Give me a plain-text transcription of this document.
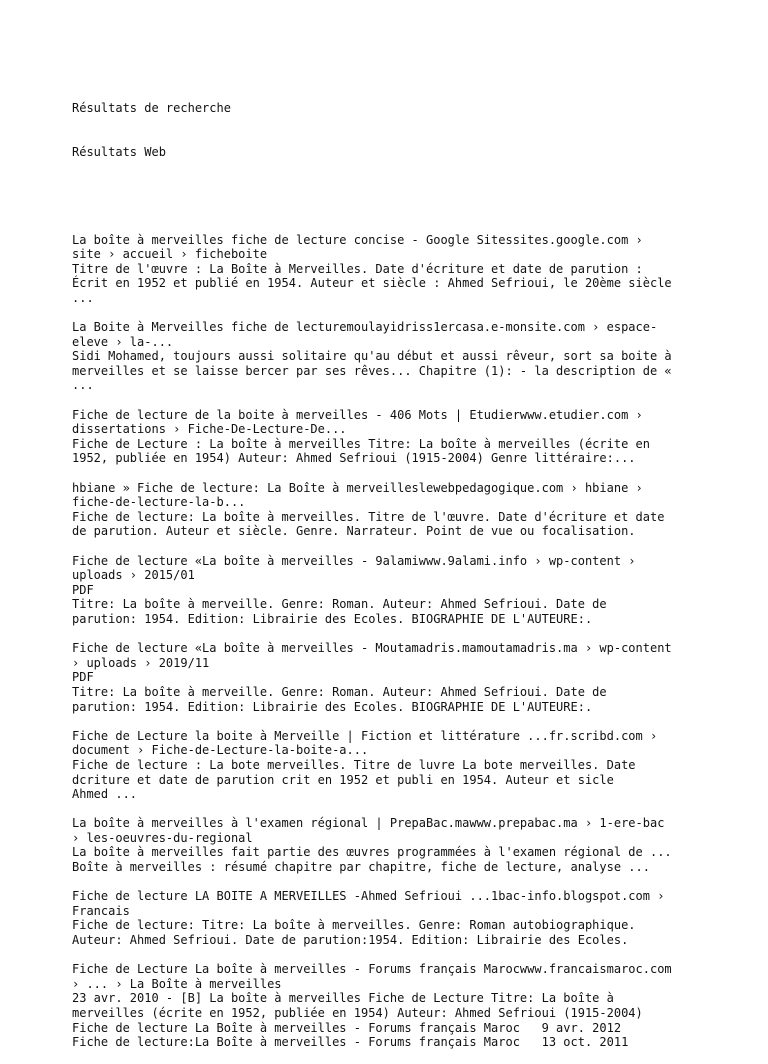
Résultats de recherche

Résultats Web

La boîte à merveilles fiche de lecture concise - Google Sitessites.google.com ›
site › accueil › ficheboite
Titre de l'œuvre : La Boîte à Merveilles. Date d'écriture et date de parution :
Écrit en 1952 et publié en 1954. Auteur et siècle : Ahmed Sefrioui, le 20ème siècle
...
La Boite à Merveilles fiche de lecturemoulayidriss1ercasa.e-monsite.com › espace-
eleve › la-...
Sidi Mohamed, toujours aussi solitaire qu'au début et aussi rêveur, sort sa boite à
merveilles et se laisse bercer par ses rêves... Chapitre (1): - la description de «
...
Fiche de lecture de la boite à merveilles - 406 Mots | Etudierwww.etudier.com ›
dissertations › Fiche-De-Lecture-De...
Fiche de Lecture : La boîte à merveilles Titre: La boîte à merveilles (écrite en
1952, publiée en 1954) Auteur: Ahmed Sefrioui (1915-2004) Genre littéraire:...
hbiane » Fiche de lecture: La Boîte à merveilleslewebpedagogique.com › hbiane ›
fiche-de-lecture-la-b...
Fiche de lecture: La boîte à merveilles. Titre de l'œuvre. Date d'écriture et date
de parution. Auteur et siècle. Genre. Narrateur. Point de vue ou focalisation.
Fiche de lecture «La boîte à merveilles - 9alamiwww.9alami.info › wp-content ›
uploads › 2015/01
PDF
Titre: La boîte à merveille. Genre: Roman. Auteur: Ahmed Sefrioui. Date de
parution: 1954. Edition: Librairie des Ecoles. BIOGRAPHIE DE L'AUTEURE:.
Fiche de lecture «La boîte à merveilles - Moutamadris.mamoutamadris.ma › wp-content
› uploads › 2019/11
PDF
Titre: La boîte à merveille. Genre: Roman. Auteur: Ahmed Sefrioui. Date de
parution: 1954. Edition: Librairie des Ecoles. BIOGRAPHIE DE L'AUTEURE:.
Fiche de Lecture la boite à Merveille | Fiction et littérature ...fr.scribd.com ›
document › Fiche-de-Lecture-la-boite-a...
Fiche de lecture : La bote merveilles. Titre de luvre La bote merveilles. Date
dcriture et date de parution crit en 1952 et publi en 1954. Auteur et sicle
Ahmed ...
La boîte à merveilles à l'examen régional | PrepaBac.mawww.prepabac.ma › 1-ere-bac
› les-oeuvres-du-regional
La boîte à merveilles fait partie des œuvres programmées à l'examen régional de ...
Boîte à merveilles : résumé chapitre par chapitre, fiche de lecture, analyse ...
Fiche de lecture LA BOITE A MERVEILLES -Ahmed Sefrioui ...1bac-info.blogspot.com ›
Francais
Fiche de lecture: Titre: La boîte à merveilles. Genre: Roman autobiographique.
Auteur: Ahmed Sefrioui. Date de parution:1954. Edition: Librairie des Ecoles.
Fiche de Lecture La boîte à merveilles - Forums français Marocwww.francaismaroc.com
› ... › La Boîte à merveilles
23 avr. 2010 - [B] La boîte à merveilles Fiche de Lecture Titre: La boîte à
merveilles (écrite en 1952, publiée en 1954) Auteur: Ahmed Sefrioui (1915-2004)
Fiche de lecture La Boîte à merveilles - Forums français Maroc   9 avr. 2012
Fiche de lecture:La Boîte à merveilles - Forums français Maroc   13 oct. 2011
